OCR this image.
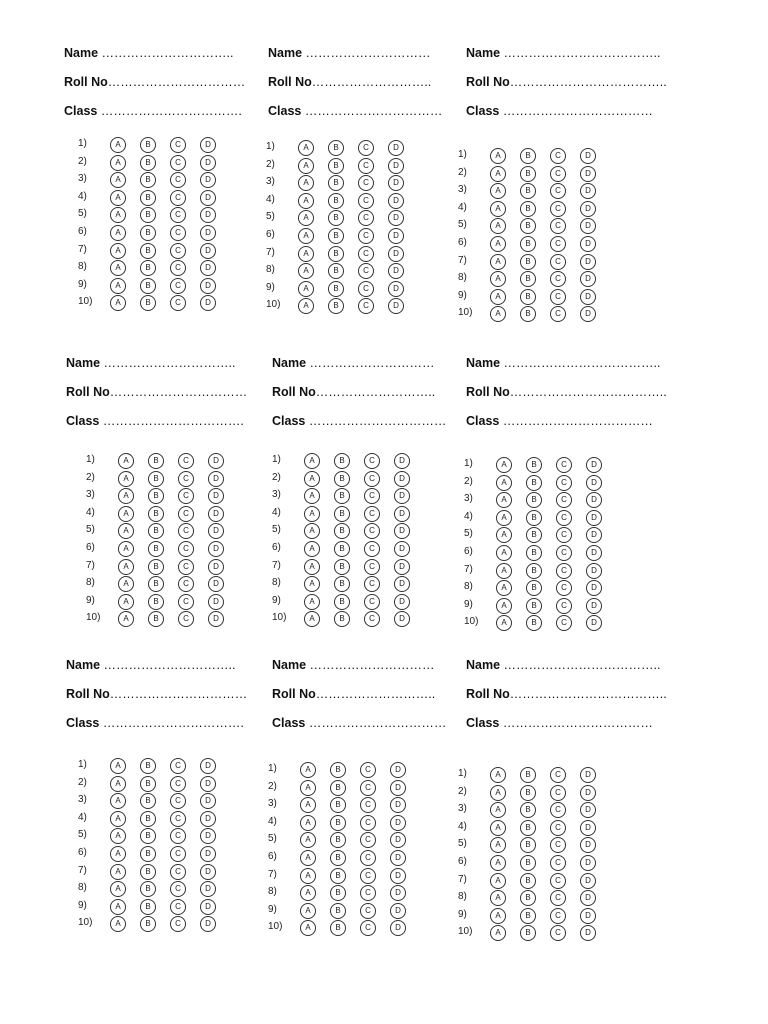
Name …………………………..
Roll No……………………………
Class …………………………….
1)	A	B	C	D
2)	A	B	C	D
3)	A	B	C	D
4)	A	B	C	D
5)	A	B	C	D
6)	A	B	C	D
7)	A	B	C	D
8)	A	B	C	D
9)	A	B	C	D
10)	A	B	C	D
Name …………………………
Roll No………………………..
Class ……………………………
1)	A	B	C	D
2)	A	B	C	D
3)	A	B	C	D
4)	A	B	C	D
5)	A	B	C	D
6)	A	B	C	D
7)	A	B	C	D
8)	A	B	C	D
9)	A	B	C	D
10)	A	B	C	D
Name ………………………………..
Roll No………………………………..
Class ………………………………
1)	A	B	C	D
2)	A	B	C	D
3)	A	B	C	D
4)	A	B	C	D
5)	A	B	C	D
6)	A	B	C	D
7)	A	B	C	D
8)	A	B	C	D
9)	A	B	C	D
10)	A	B	C	D
Name …………………………..
Roll No……………………………
Class …………………………….
1)	A	B	C	D
2)	A	B	C	D
3)	A	B	C	D
4)	A	B	C	D
5)	A	B	C	D
6)	A	B	C	D
7)	A	B	C	D
8)	A	B	C	D
9)	A	B	C	D
10)	A	B	C	D
Name …………………………
Roll No………………………..
Class ……………………………
1)	A	B	C	D
2)	A	B	C	D
3)	A	B	C	D
4)	A	B	C	D
5)	A	B	C	D
6)	A	B	C	D
7)	A	B	C	D
8)	A	B	C	D
9)	A	B	C	D
10)	A	B	C	D
Name ………………………………..
Roll No………………………………..
Class ………………………………
1)	A	B	C	D
2)	A	B	C	D
3)	A	B	C	D
4)	A	B	C	D
5)	A	B	C	D
6)	A	B	C	D
7)	A	B	C	D
8)	A	B	C	D
9)	A	B	C	D
10)	A	B	C	D
Name …………………………..
Roll No……………………………
Class …………………………….
1)	A	B	C	D
2)	A	B	C	D
3)	A	B	C	D
4)	A	B	C	D
5)	A	B	C	D
6)	A	B	C	D
7)	A	B	C	D
8)	A	B	C	D
9)	A	B	C	D
10)	A	B	C	D
Name …………………………
Roll No………………………..
Class ……………………………
1)	A	B	C	D
2)	A	B	C	D
3)	A	B	C	D
4)	A	B	C	D
5)	A	B	C	D
6)	A	B	C	D
7)	A	B	C	D
8)	A	B	C	D
9)	A	B	C	D
10)	A	B	C	D
Name ………………………………..
Roll No………………………………..
Class ………………………………
1)	A	B	C	D
2)	A	B	C	D
3)	A	B	C	D
4)	A	B	C	D
5)	A	B	C	D
6)	A	B	C	D
7)	A	B	C	D
8)	A	B	C	D
9)	A	B	C	D
10)	A	B	C	D
